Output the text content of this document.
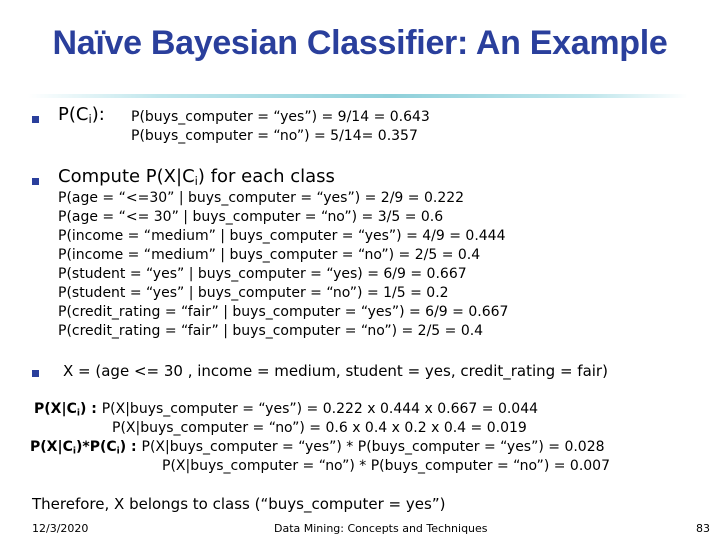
Naïve Bayesian Classifier: An Example
$P(C_i)$: P(buys_computer = “yes”) = 9/14 = 0.643
P(buys_computer = “no”) = 5/14= 0.357
Compute $P(X|C_i)$ for each class
P(age = “<=30” | buys_computer = “yes”) = 2/9 = 0.222
P(age = “<= 30” | buys_computer = “no”) = 3/5 = 0.6
P(income = “medium” | buys_computer = “yes”) = 4/9 = 0.444
P(income = “medium” | buys_computer = “no”) = 2/5 = 0.4
P(student = “yes” | buys_computer = “yes) = 6/9 = 0.667
P(student = “yes” | buys_computer = “no”) = 1/5 = 0.2
P(credit_rating = “fair” | buys_computer = “yes”) = 6/9 = 0.667
P(credit_rating = “fair” | buys_computer = “no”) = 2/5 = 0.4
X = (age <= 30 , income = medium, student = yes, credit_rating = fair)
$P(X|C_i)$ : P(X|buys_computer = “yes”) = 0.222 x 0.444 x 0.667 = 0.044
P(X|buys_computer = “no”) = 0.6 x 0.4 x 0.2 x 0.4 = 0.019
$P(X|C_i)*P(C_i)$ : P(X|buys_computer = “yes”) * P(buys_computer = “yes”) = 0.028
P(X|buys_computer = “no”) * P(buys_computer = “no”) = 0.007
Therefore, X belongs to class (“buys_computer = yes”)
12/3/2020	Data Mining: Concepts and Techniques	83
